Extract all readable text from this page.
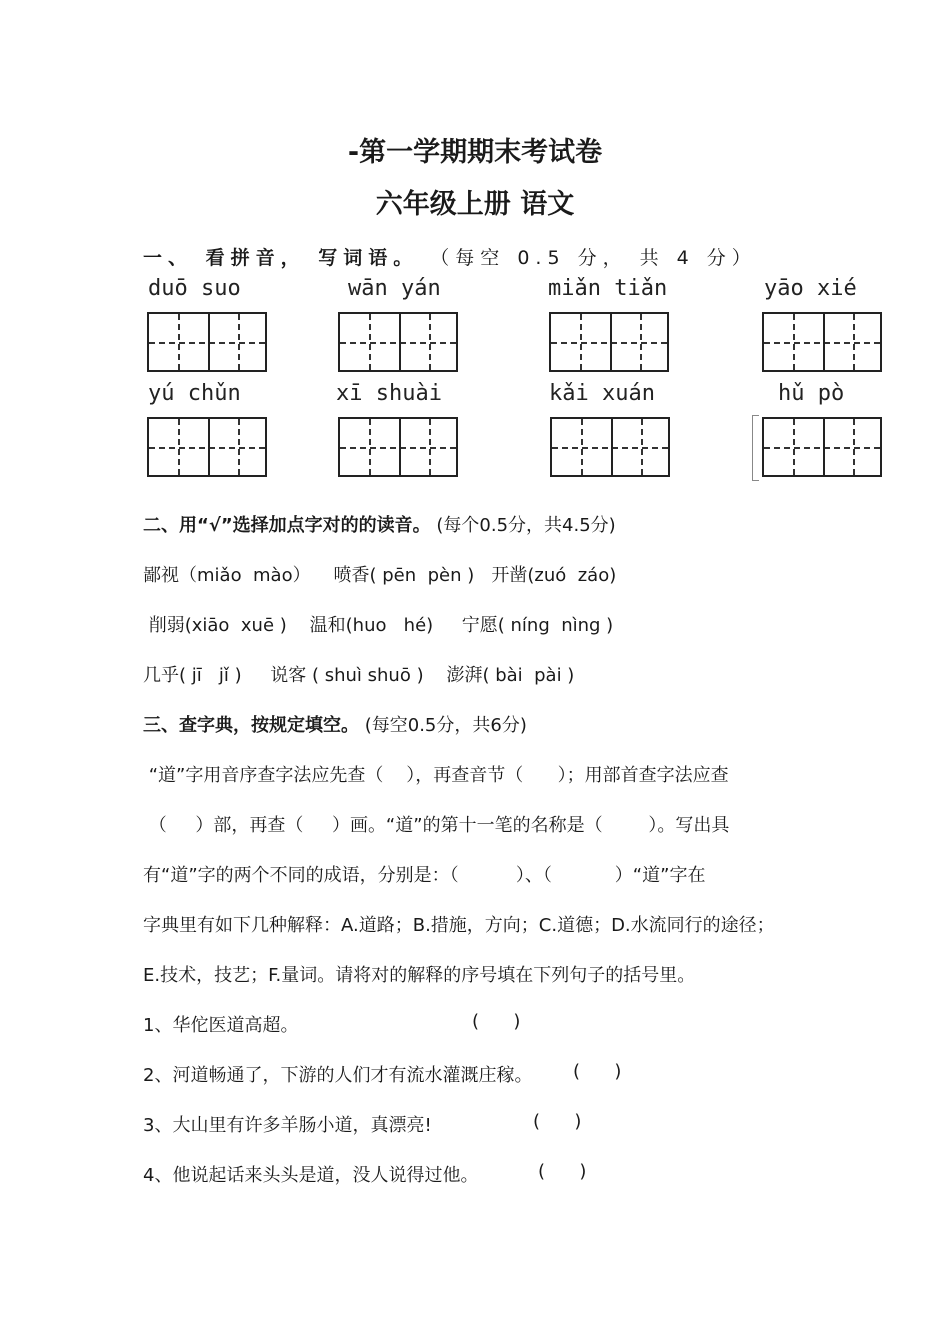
-第一学期期末考试卷
六年级上册 语文
一、 看拼音， 写词语。 （每空 0.5 分， 共 4 分）
duō suo	wān yán	miǎn tiǎn	yāo xié
yú chǔn	xī shuài	kǎi xuán	hǔ pò
二、用“√”选择加点字对的的读音。 (每个0.5分，共4.5分)
鄙视（miǎo  mào）    喷香( pēn  pèn )   开凿(zuó  záo)
削弱(xiāo  xuē )    温和(huo   hé)     宁愿( níng  nìng )
几乎( jī   jǐ )     说客 ( shuì shuō )    澎湃( bài  pài )
三、查字典，按规定填空。 (每空0.5分，共6分)
“道”字用音序查字法应先查（    ），再查音节（      ）；用部首查字法应查
（     ）部，再查（     ）画。“道”的第十一笔的名称是（        ）。写出具
有“道”字的两个不同的成语，分别是：（          ）、（           ）“道”字在
字典里有如下几种解释：A.道路；B.措施，方向；C.道德；D.水流同行的途径；
E.技术，技艺；F.量词。请将对的解释的序号填在下列句子的括号里。
1、华佗医道高超。	(      )
2、河道畅通了，下游的人们才有流水灌溉庄稼。 (      )
3、大山里有许多羊肠小道，真漂亮!	(      )
4、他说起话来头头是道，没人说得过他。	(      )
